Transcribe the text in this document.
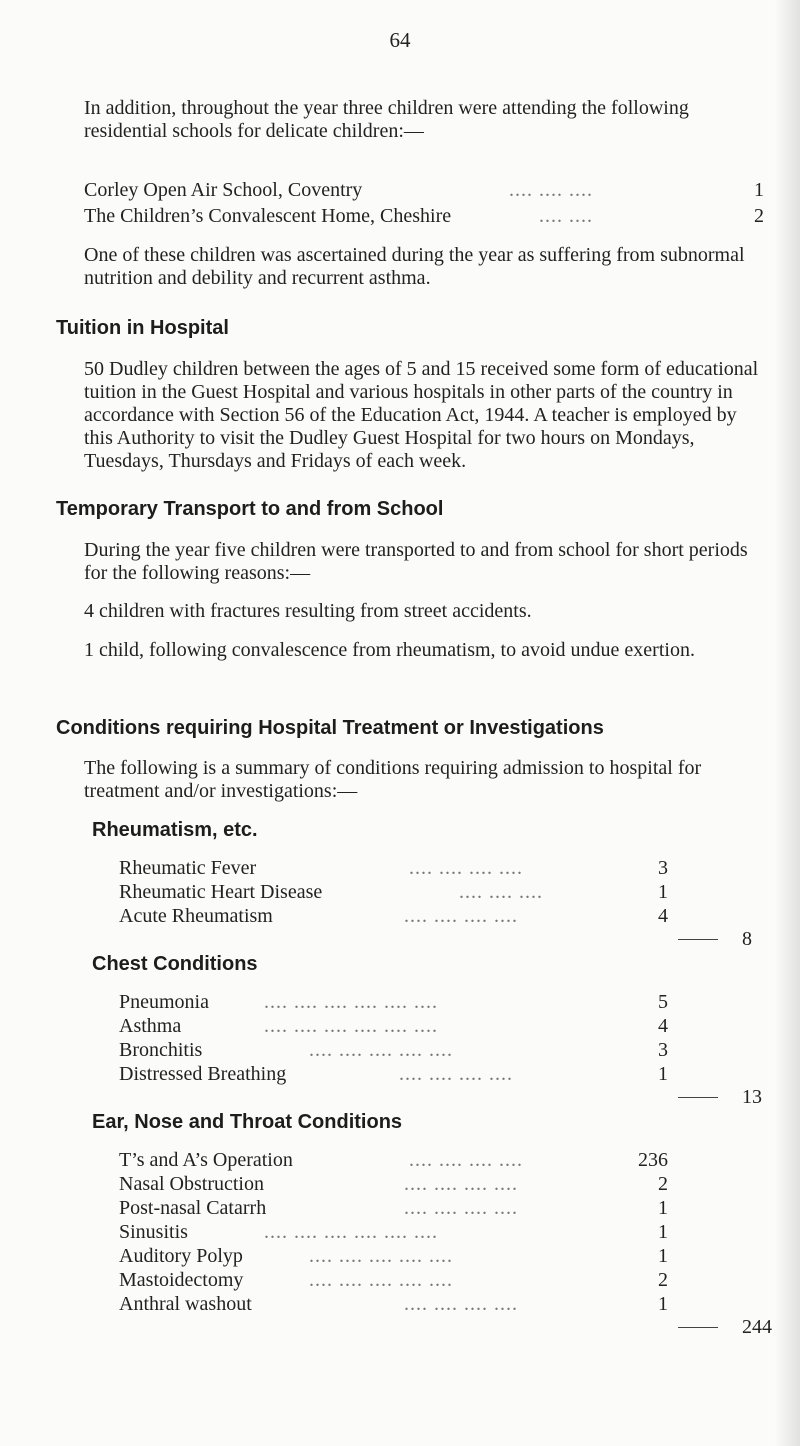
64
In addition, throughout the year three children were attending the following residential schools for delicate children:—
Corley Open Air School, Coventry	.... .... ....	1
The Children’s Convalescent Home, Cheshire	.... ....	2
One of these children was ascertained during the year as suffering from subnormal nutrition and debility and recurrent asthma.
Tuition in Hospital
50 Dudley children between the ages of 5 and 15 received some form of educational tuition in the Guest Hospital and various hospitals in other parts of the country in accordance with Section 56 of the Education Act, 1944. A teacher is employed by this Authority to visit the Dudley Guest Hospital for two hours on Mondays, Tuesdays, Thursdays and Fridays of each week.
Temporary Transport to and from School
During the year five children were transported to and from school for short periods for the following reasons:—
4 children with fractures resulting from street accidents.
1 child, following convalescence from rheumatism, to avoid undue exertion.
Conditions requiring Hospital Treatment or Investigations
The following is a summary of conditions requiring admission to hospital for treatment and/or investigations:—
Rheumatism, etc.
Rheumatic Fever	.... .... .... ....	3
Rheumatic Heart Disease	.... .... ....	1
Acute Rheumatism	.... .... .... ....	4
8
Chest Conditions
Pneumonia	.... .... .... .... .... ....	5
Asthma	.... .... .... .... .... ....	4
Bronchitis	.... .... .... .... ....	3
Distressed Breathing	.... .... .... ....	1
13
Ear, Nose and Throat Conditions
T’s and A’s Operation	.... .... .... ....	236
Nasal Obstruction	.... .... .... ....	2
Post-nasal Catarrh	.... .... .... ....	1
Sinusitis	.... .... .... .... .... ....	1
Auditory Polyp	.... .... .... .... ....	1
Mastoidectomy	.... .... .... .... ....	2
Anthral washout	.... .... .... ....	1
244
